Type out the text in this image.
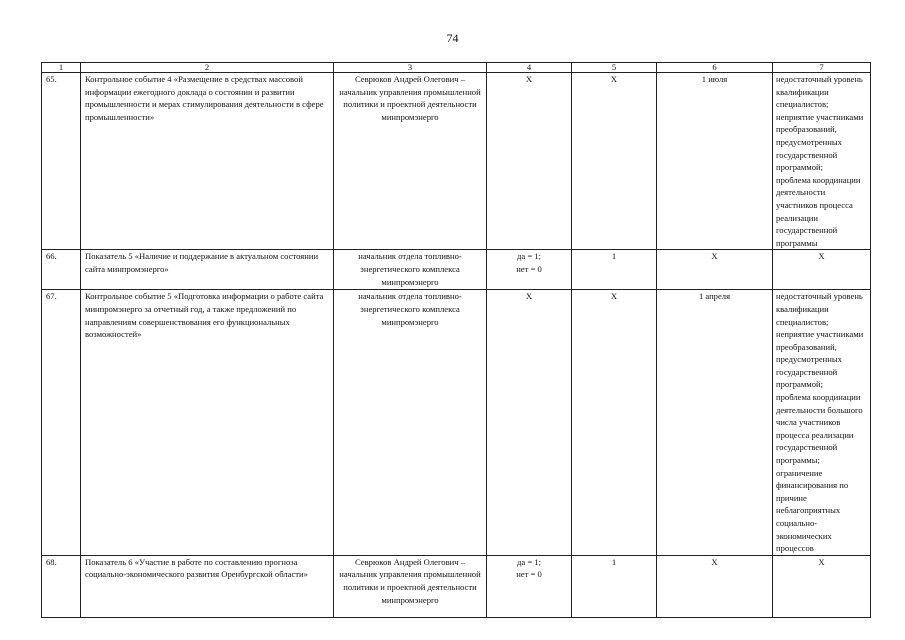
74
1	2	3	4	5	6	7
65.	Контрольное событие 4 «Размещение в средствах массовой информации ежегодного доклада о состоянии и развитии промышленности и мерах стимулирования деятельности в сфере промышленности»	Севрюков Андрей Олегович – начальник управления промышленной политики и проектной деятельности минпромэнерго	Х	Х	1 июля	недостаточный уровень квалификации специалистов;
неприятие участниками преобразований, предусмотренных государственной программой;
проблема координации деятельности участников процесса реализации государственной программы
66.	Показатель 5 «Наличие и поддержание в актуальном состоянии сайта минпромэнерго»	начальник отдела топливно-энергетического комплекса минпромэнерго	да = 1;
нет = 0	1	Х	Х
67.	Контрольное событие 5 «Подготовка информации о работе сайта минпромэнерго за отчетный год, а также предложений по направлениям совершенствования его функциональных возможностей»	начальник отдела топливно-энергетического комплекса минпромэнерго	Х	Х	1 апреля	недостаточный уровень квалификации специалистов;
неприятие участниками преобразований, предусмотренных государственной программой;
проблема координации деятельности большого числа участников процесса реализации государственной программы;
ограничение финансирования по причине неблагоприятных социально-экономических процессов
68.	Показатель 6 «Участие в работе по составлению прогноза социально-экономического развития Оренбургской области»	Севрюков Андрей Олегович – начальник управления промышленной политики и проектной деятельности минпромэнерго	да = 1;
нет = 0	1	Х	Х
